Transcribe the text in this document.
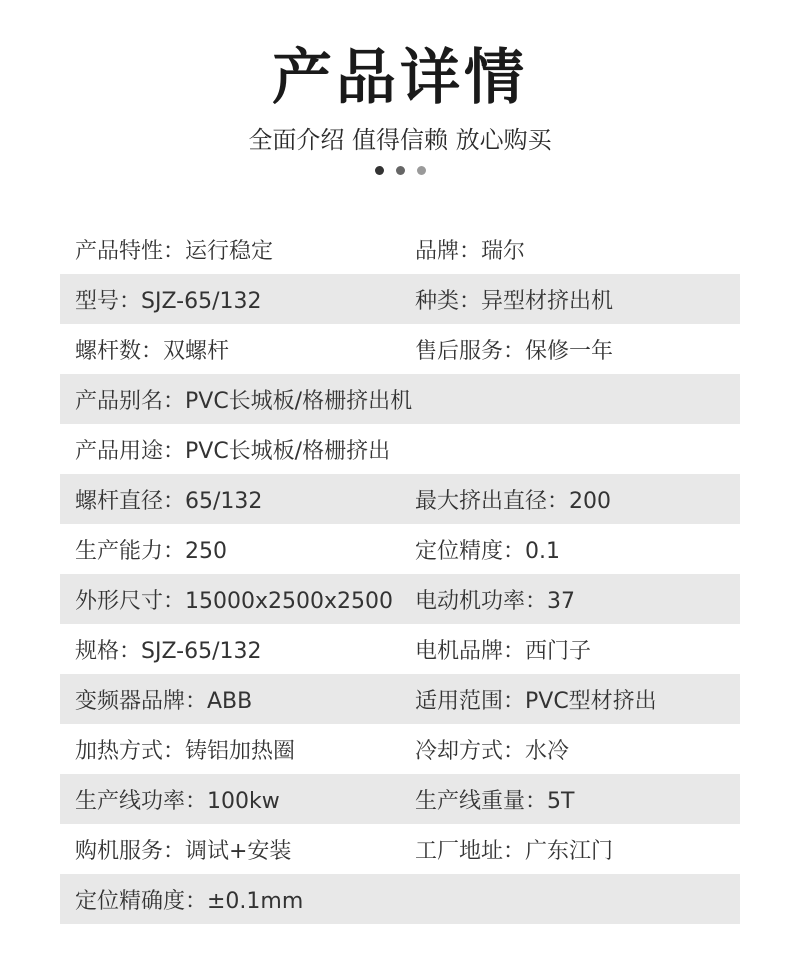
产品详情
全面介绍 值得信赖 放心购买

产品特性：运行稳定	品牌：瑞尔
型号：SJZ-65/132	种类：异型材挤出机
螺杆数：双螺杆	售后服务：保修一年
产品别名：PVC长城板/格栅挤出机
产品用途：PVC长城板/格栅挤出
螺杆直径：65/132	最大挤出直径：200
生产能力：250	定位精度：0.1
外形尺寸：15000x2500x2500 电动机功率：37
规格：SJZ-65/132	电机品牌：西门子
变频器品牌：ABB	适用范围：PVC型材挤出
加热方式：铸铝加热圈	冷却方式：水冷
生产线功率：100kw	生产线重量：5T
购机服务：调试+安装	工厂地址：广东江门
定位精确度：±0.1mm
